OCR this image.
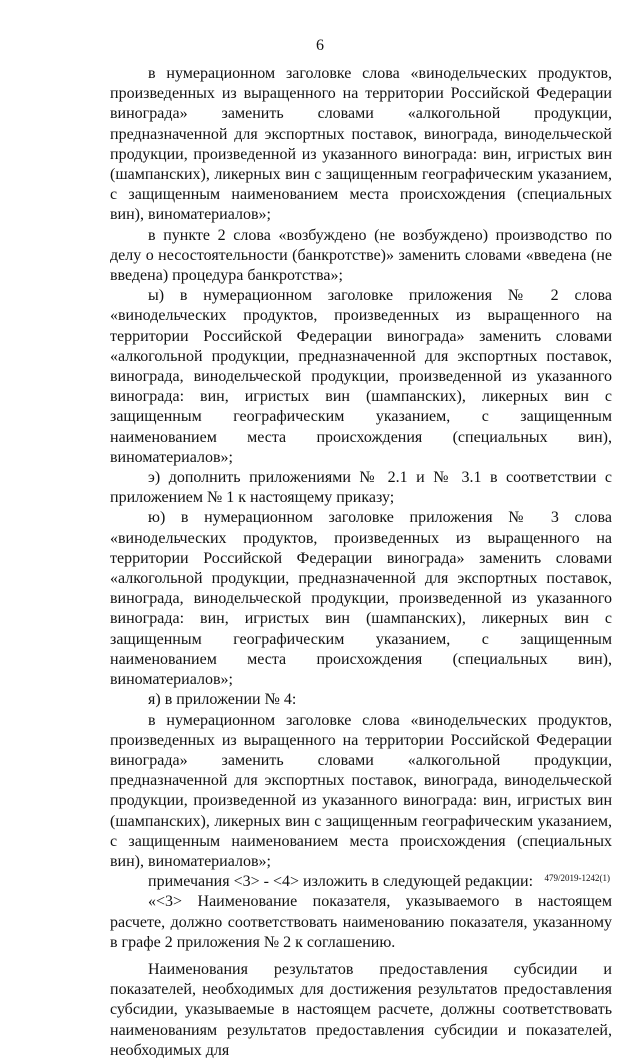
6

в нумерационном заголовке слова «винодельческих продуктов, произведенных из выращенного на территории Российской Федерации винограда» заменить словами «алкогольной продукции, предназначенной для экспортных поставок, винограда, винодельческой продукции, произведенной из указанного винограда: вин, игристых вин (шампанских), ликерных вин с защищенным географическим указанием, с защищенным наименованием места происхождения (специальных вин), виноматериалов»;

в пункте 2 слова «возбуждено (не возбуждено) производство по делу о несостоятельности (банкротстве)» заменить словами «введена (не введена) процедура банкротства»;

ы) в нумерационном заголовке приложения № 2 слова «винодельческих продуктов, произведенных из выращенного на территории Российской Федерации винограда» заменить словами «алкогольной продукции, предназначенной для экспортных поставок, винограда, винодельческой продукции, произведенной из указанного винограда: вин, игристых вин (шампанских), ликерных вин с защищенным географическим указанием, с защищенным наименованием места происхождения (специальных вин), виноматериалов»;

э) дополнить приложениями № 2.1 и № 3.1 в соответствии с приложением № 1 к настоящему приказу;

ю) в нумерационном заголовке приложения № 3 слова «винодельческих продуктов, произведенных из выращенного на территории Российской Федерации винограда» заменить словами «алкогольной продукции, предназначенной для экспортных поставок, винограда, винодельческой продукции, произведенной из указанного винограда: вин, игристых вин (шампанских), ликерных вин с защищенным географическим указанием, с защищенным наименованием места происхождения (специальных вин), виноматериалов»;

я) в приложении № 4:

в нумерационном заголовке слова «винодельческих продуктов, произведенных из выращенного на территории Российской Федерации винограда» заменить словами «алкогольной продукции, предназначенной для экспортных поставок, винограда, винодельческой продукции, произведенной из указанного винограда: вин, игристых вин (шампанских), ликерных вин с защищенным географическим указанием, с защищенным наименованием места происхождения (специальных вин), виноматериалов»;

примечания <3> - <4> изложить в следующей редакции:

«<3> Наименование показателя, указываемого в настоящем расчете, должно соответствовать наименованию показателя, указанному в графе 2 приложения № 2 к соглашению.

Наименования результатов предоставления субсидии и показателей, необходимых для достижения результатов предоставления субсидии, указываемые в настоящем расчете, должны соответствовать наименованиям результатов предоставления субсидии и показателей, необходимых для

479/2019-1242(1)
